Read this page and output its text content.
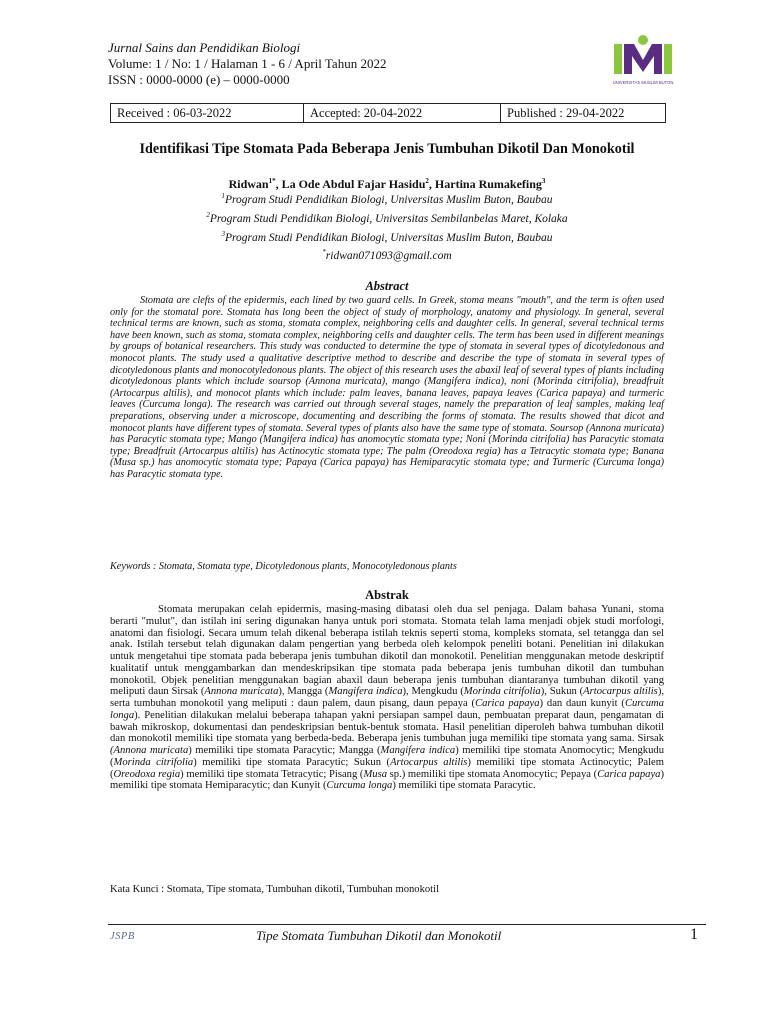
Jurnal Sains dan Pendidikan Biologi
Volume: 1 / No: 1 / Halaman 1 - 6 / April Tahun 2022
ISSN : 0000-0000 (e) – 0000-0000	UNIVERSITAS MUSLIM BUTON
Received : 06-03-2022	Accepted: 20-04-2022	Published : 29-04-2022
Identifikasi Tipe Stomata Pada Beberapa Jenis Tumbuhan Dikotil Dan Monokotil
Ridwan$^{1*}$, La Ode Abdul Fajar Hasidu$^2$, Hartina Rumakefing$^3$
$^1$Program Studi Pendidikan Biologi, Universitas Muslim Buton, Baubau
$^2$Program Studi Pendidikan Biologi, Universitas Sembilanbelas Maret, Kolaka
$^3$Program Studi Pendidikan Biologi, Universitas Muslim Buton, Baubau
*ridwan071093@gmail.com
Abstract
Stomata are clefts of the epidermis, each lined by two guard cells. In Greek, stoma means "mouth", and the term is often used only for the stomatal pore. Stomata has long been the object of study of morphology, anatomy and physiology. In general, several technical terms are known, such as stoma, stomata complex, neighboring cells and daughter cells. In general, several technical terms have been known, such as stoma, stomata complex, neighboring cells and daughter cells. The term has been used in different meanings by groups of botanical researchers. This study was conducted to determine the type of stomata in several types of dicotyledonous and monocot plants. The study used a qualitative descriptive method to describe and describe the type of stomata in several types of dicotyledonous plants and monocotyledonous plants. The object of this research uses the abaxil leaf of several types of plants including dicotyledonous plants which include soursop (Annona muricata), mango (Mangifera indica), noni (Morinda citrifolia), breadfruit (Artocarpus altilis), and monocot plants which include: palm leaves, banana leaves, papaya leaves (Carica papaya) and turmeric leaves (Curcuma longa). The research was carried out through several stages, namely the preparation of leaf samples, making leaf preparations, observing under a microscope, documenting and describing the forms of stomata. The results showed that dicot and monocot plants have different types of stomata. Several types of plants also have the same type of stomata. Soursop (Annona muricata) has Paracytic stomata type; Mango (Mangifera indica) has anomocytic stomata type; Noni (Morinda citrifolia) has Paracytic stomata type; Breadfruit (Artocarpus altilis) has Actinocytic stomata type; The palm (Oreodoxa regia) has a Tetracytic stomata type; Banana (Musa sp.) has anomocytic stomata type; Papaya (Carica papaya) has Hemiparacytic stomata type; and Turmeric (Curcuma longa) has Paracytic stomata type.
Keywords : Stomata, Stomata type, Dicotyledonous plants, Monocotyledonous plants
Abstrak
Stomata merupakan celah epidermis, masing-masing dibatasi oleh dua sel penjaga. Dalam bahasa Yunani, stoma berarti "mulut", dan istilah ini sering digunakan hanya untuk pori stomata. Stomata telah lama menjadi objek studi morfologi, anatomi dan fisiologi. Secara umum telah dikenal beberapa istilah teknis seperti stoma, kompleks stomata, sel tetangga dan sel anak. Istilah tersebut telah digunakan dalam pengertian yang berbeda oleh kelompok peneliti botani. Penelitian ini dilakukan untuk mengetahui tipe stomata pada beberapa jenis tumbuhan dikotil dan monokotil. Penelitian menggunakan metode deskriptif kualitatif untuk menggambarkan dan mendeskripsikan tipe stomata pada beberapa jenis tumbuhan dikotil dan tumbuhan monokotil. Objek penelitian menggunakan bagian abaxil daun beberapa jenis tumbuhan diantaranya tumbuhan dikotil yang meliputi daun Sirsak (Annona muricata), Mangga (Mangifera indica), Mengkudu (Morinda citrifolia), Sukun (Artocarpus altilis), serta tumbuhan monokotil yang meliputi : daun palem, daun pisang, daun pepaya (Carica papaya) dan daun kunyit (Curcuma longa). Penelitian dilakukan melalui beberapa tahapan yakni persiapan sampel daun, pembuatan preparat daun, pengamatan di bawah mikroskop, dokumentasi dan pendeskripsian bentuk-bentuk stomata. Hasil penelitian diperoleh bahwa tumbuhan dikotil dan monokotil memiliki tipe stomata yang berbeda-beda. Beberapa jenis tumbuhan juga memiliki tipe stomata yang sama. Sirsak (Annona muricata) memiliki tipe stomata Paracytic; Mangga (Mangifera indica) memiliki tipe stomata Anomocytic; Mengkudu (Morinda citrifolia) memiliki tipe stomata Paracytic; Sukun (Artocarpus altilis) memiliki tipe stomata Actinocytic; Palem (Oreodoxa regia) memiliki tipe stomata Tetracytic; Pisang (Musa sp.) memiliki tipe stomata Anomocytic; Pepaya (Carica papaya) memiliki tipe stomata Hemiparacytic; dan Kunyit (Curcuma longa) memiliki tipe stomata Paracytic.
Kata Kunci : Stomata, Tipe stomata, Tumbuhan dikotil, Tumbuhan monokotil
JSPB	Tipe Stomata Tumbuhan Dikotil dan Monokotil	1
